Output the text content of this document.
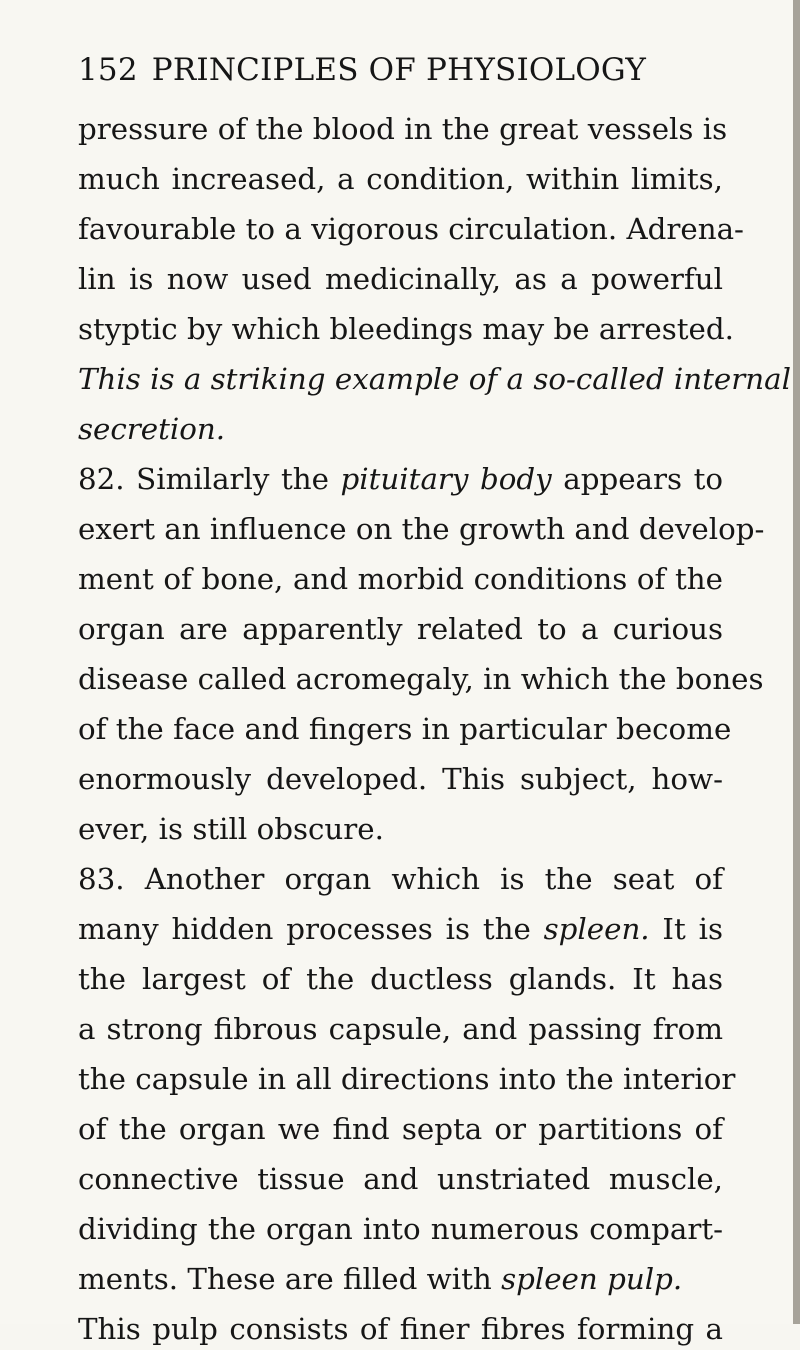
152 PRINCIPLES OF PHYSIOLOGY
pressure of the blood in the great vessels is
much increased, a condition, within limits,
favourable to a vigorous circulation. Adrena-
lin is now used medicinally, as a powerful
styptic by which bleedings may be arrested.
This is a striking example of a so-called internal
secretion.
82. Similarly the pituitary body appears to
exert an influence on the growth and develop-
ment of bone, and morbid conditions of the
organ are apparently related to a curious
disease called acromegaly, in which the bones
of the face and fingers in particular become
enormously developed. This subject, how-
ever, is still obscure.
83. Another organ which is the seat of
many hidden processes is the spleen. It is
the largest of the ductless glands. It has
a strong fibrous capsule, and passing from
the capsule in all directions into the interior
of the organ we find septa or partitions of
connective tissue and unstriated muscle,
dividing the organ into numerous compart-
ments. These are filled with spleen pulp.
This pulp consists of finer fibres forming a
